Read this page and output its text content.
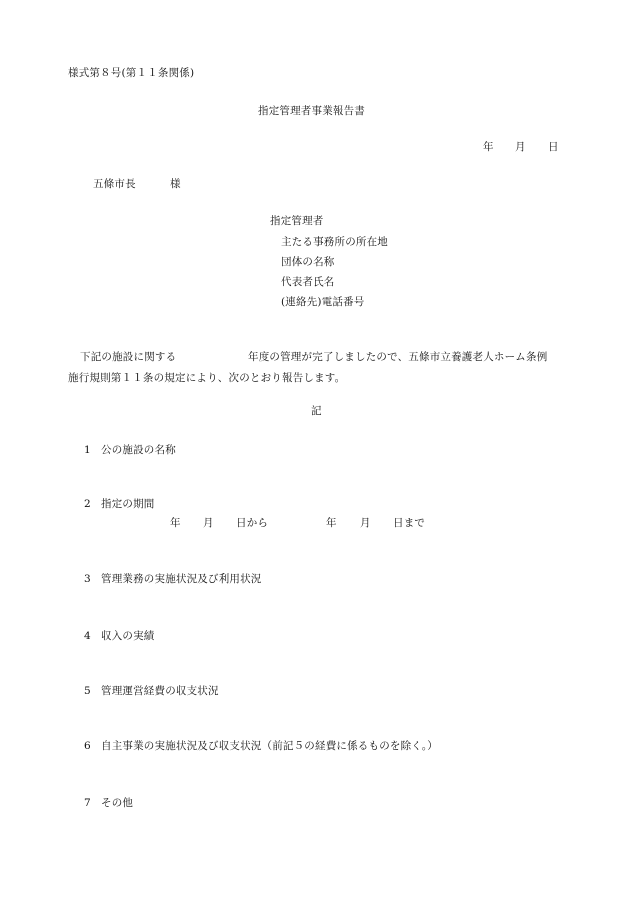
様式第８号(第１１条関係)
指定管理者事業報告書
年 月 日
五條市長	様
指定管理者
主たる事務所の所在地
団体の名称
代表者氏名
(連絡先)電話番号
下記の施設に関する	年度の管理が完了しましたので、五條市立養護老人ホーム条例
施行規則第１１条の規定により、次のとおり報告します。
記
1 公の施設の名称
2 指定の期間
年 月 日から	年 月 日まで
3 管理業務の実施状況及び利用状況
4 収入の実績
5 管理運営経費の収支状況
6 自主事業の実施状況及び収支状況（前記５の経費に係るものを除く。）
7 その他
